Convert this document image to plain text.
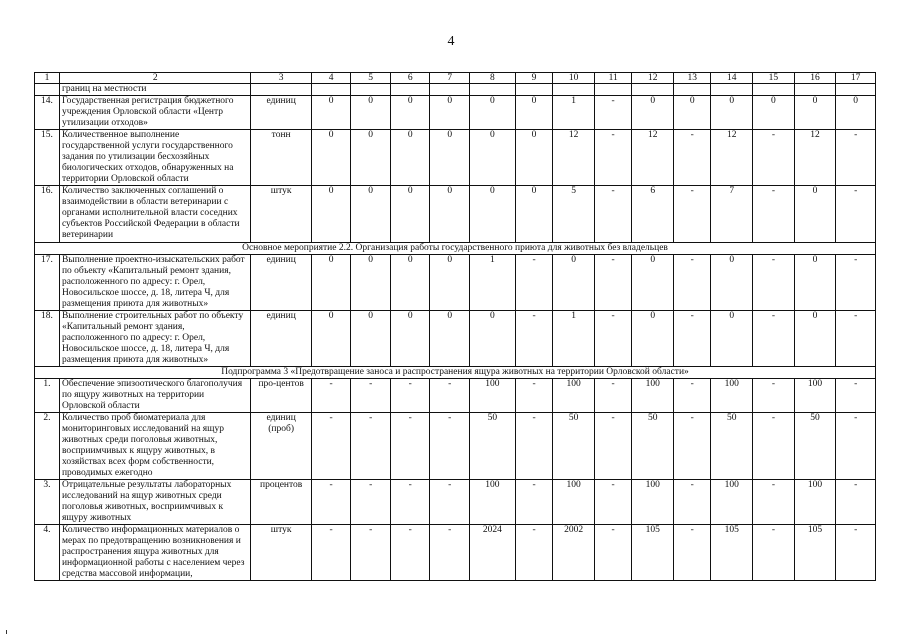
4
1	2	3	4	5	6	7	8	9	10	11	12	13	14	15	16	17
	границ на местности															
14.	Государственная регистрация бюджетного учреждения Орловской области «Центр утилизации отходов»	единиц	0	0	0	0	0	0	1	-	0	0	0	0	0	0
15.	Количественное выполнение государственной услуги государственного задания по утилизации бесхозяйных биологических отходов, обнаруженных на территории Орловской области	тонн	0	0	0	0	0	0	12	-	12	-	12	-	12	-
16.	Количество заключенных соглашений о взаимодействии в области ветеринарии с органами исполнительной власти соседних субъектов Российской Федерации в области ветеринарии	штук	0	0	0	0	0	0	5	-	6	-	7	-	0	-
Основное мероприятие 2.2. Организация работы государственного приюта для животных без владельцев																
17.	Выполнение проектно-изыскательских работ по объекту «Капитальный ремонт здания, расположенного по адресу: г. Орел, Новосильское шоссе, д. 18, литера Ч, для размещения приюта для животных»	единиц	0	0	0	0	1	-	0	-	0	-	0	-	0	-
18.	Выполнение строительных работ по объекту «Капитальный ремонт здания, расположенного по адресу: г. Орел, Новосильское шоссе, д. 18, литера Ч, для размещения приюта для животных»	единиц	0	0	0	0	0	-	1	-	0	-	0	-	0	-
Подпрограмма 3 «Предотвращение заноса и распространения ящура животных на территории Орловской области»																
1.	Обеспечение эпизоотического благополучия по ящуру животных на территории Орловской области	про-центов	-	-	-	-	100	-	100	-	100	-	100	-	100	-
2.	Количество проб биоматериала для мониторинговых исследований на ящур животных среди поголовья животных, восприимчивых к ящуру животных, в хозяйствах всех форм собственности, проводимых ежегодно	единиц (проб)	-	-	-	-	50	-	50	-	50	-	50	-	50	-
3.	Отрицательные результаты лабораторных исследований на ящур животных среди поголовья животных, восприимчивых к ящуру животных	процентов	-	-	-	-	100	-	100	-	100	-	100	-	100	-
4.	Количество информационных материалов о мерах по предотвращению возникновения и распространения ящура животных для информационной работы с населением через средства массовой информации,	штук	-	-	-	-	2024	-	2002	-	105	-	105	-	105	-
